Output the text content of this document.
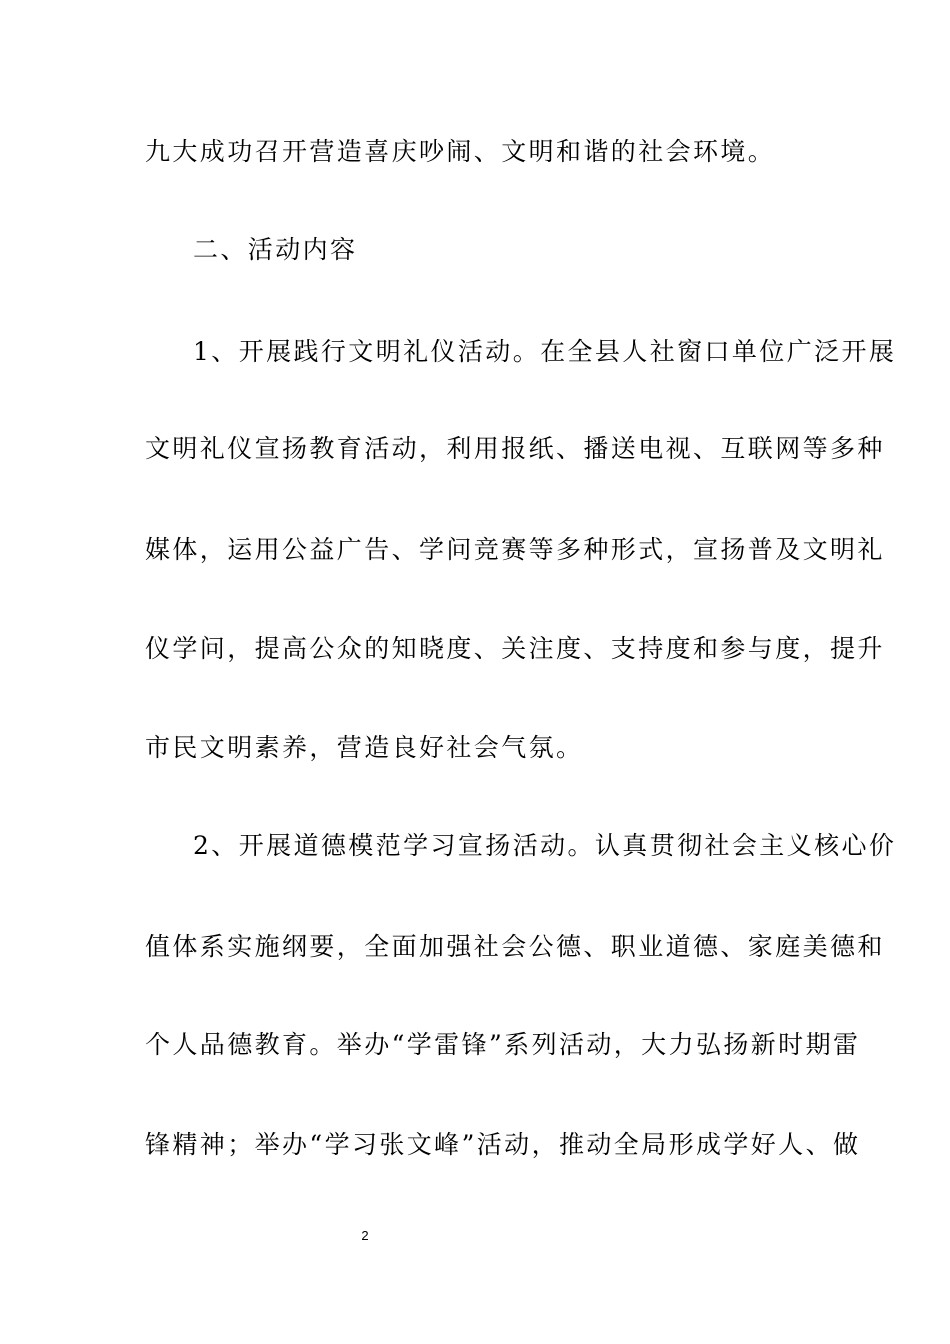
九大成功召开营造喜庆吵闹、文明和谐的社会环境。
二、活动内容
1、开展践行文明礼仪活动。在全县人社窗口单位广泛开展
文明礼仪宣扬教育活动，利用报纸、播送电视、互联网等多种
媒体，运用公益广告、学问竞赛等多种形式，宣扬普及文明礼
仪学问，提高公众的知晓度、关注度、支持度和参与度，提升
市民文明素养，营造良好社会气氛。
2、开展道德模范学习宣扬活动。认真贯彻社会主义核心价
值体系实施纲要，全面加强社会公德、职业道德、家庭美德和
个人品德教育。举办“学雷锋”系列活动，大力弘扬新时期雷
锋精神；举办“学习张文峰”活动，推动全局形成学好人、做
2
